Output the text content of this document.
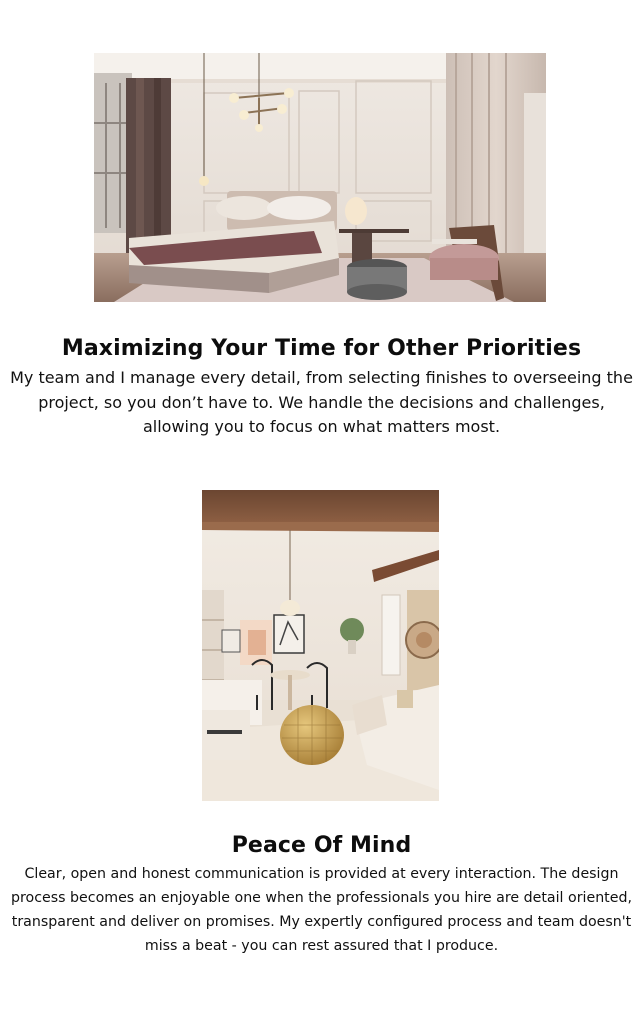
Maximizing Your Time for Other Priorities

My team and I manage every detail, from selecting finishes to overseeing the project, so you don’t have to. We handle the decisions and challenges, allowing you to focus on what matters most.

Peace Of Mind

Clear, open and honest communication is provided at every interaction. The design process becomes an enjoyable one when the professionals you hire are detail oriented, transparent and deliver on promises. My expertly configured process and team doesn't miss a beat - you can rest assured that I produce.
